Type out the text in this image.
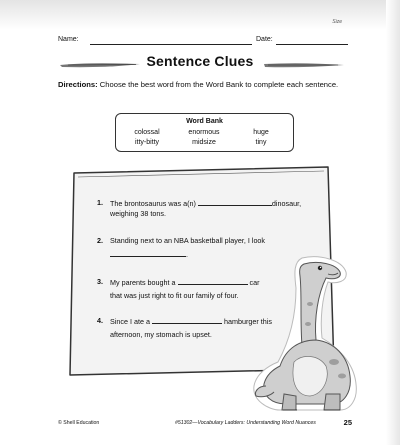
Size
Name:	Date:
Sentence Clues
Directions: Choose the best word from the Word Bank to complete each sentence.
Word Bank
colossal	enormous	huge
itty-bitty	midsize	tiny
1. The brontosaurus was a(n)	dinosaur,
weighing 38 tons.
2. Standing next to an NBA basketball player, I look
.
3. My parents bought a	car
that was just right to fit our family of four.
4. Since I ate a	hamburger this
afternoon, my stomach is upset.
© Shell Education	#51302—Vocabulary Ladders: Understanding Word Nuances	25
